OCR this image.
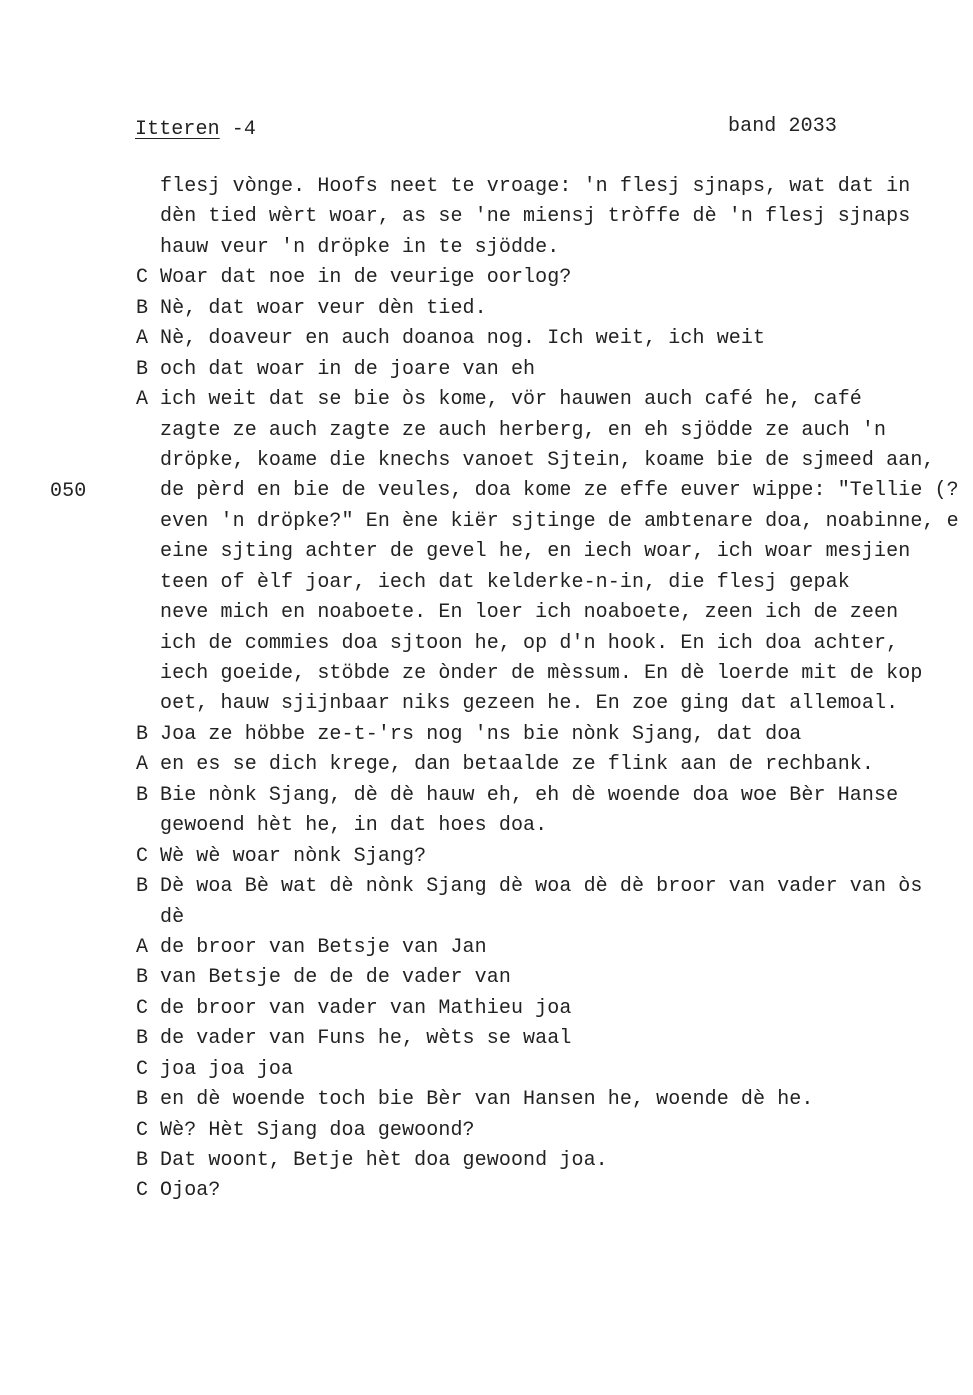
Itteren -4	band 2033
050
flesj vònge. Hoofs neet te vroage: 'n flesj sjnaps, wat dat in
dèn tied wèrt woar, as se 'ne miensj tròffe dè 'n flesj sjnaps
hauw veur 'n dröpke in te sjödde.
C Woar dat noe in de veurige oorlog?
B Nè, dat woar veur dèn tied.
A Nè, doaveur en auch doanoa nog. Ich weit, ich weit
B och dat woar in de joare van eh
A ich weit dat se bie òs kome, vör hauwen auch café he, café
zagte ze auch zagte ze auch herberg, en eh sjödde ze auch 'n
dröpke, koame die knechs vanoet Sjtein, koame bie de sjmeed aan,
de pèrd en bie de veules, doa kome ze effe euver wippe: "Tellie (?
even 'n dröpke?" En ène kiër sjtinge de ambtenare doa, noabinne, e
eine sjting achter de gevel he, en iech woar, ich woar mesjien
teen of èlf joar, iech dat kelderke-n-in, die flesj gepak
neve mich en noaboete. En loer ich noaboete, zeen ich de zeen
ich de commies doa sjtoon he, op d'n hook. En ich doa achter,
iech goeide, stöbde ze ònder de mèssum. En dè loerde mit de kop
oet, hauw sjijnbaar niks gezeen he. En zoe ging dat allemoal.
B Joa ze höbbe ze-t-'rs nog 'ns bie nònk Sjang, dat doa
A en es se dich krege, dan betaalde ze flink aan de rechbank.
B Bie nònk Sjang, dè dè hauw eh, eh dè woende doa woe Bèr Hanse
gewoend hèt he, in dat hoes doa.
C Wè wè woar nònk Sjang?
B Dè woa Bè wat dè nònk Sjang dè woa dè dè broor van vader van òs
dè
A de broor van Betsje van Jan
B van Betsje de de de vader van
C de broor van vader van Mathieu joa
B de vader van Funs he, wèts se waal
C joa joa joa
B en dè woende toch bie Bèr van Hansen he, woende dè he.
C Wè? Hèt Sjang doa gewoond?
B Dat woont, Betje hèt doa gewoond joa.
C Ojoa?
